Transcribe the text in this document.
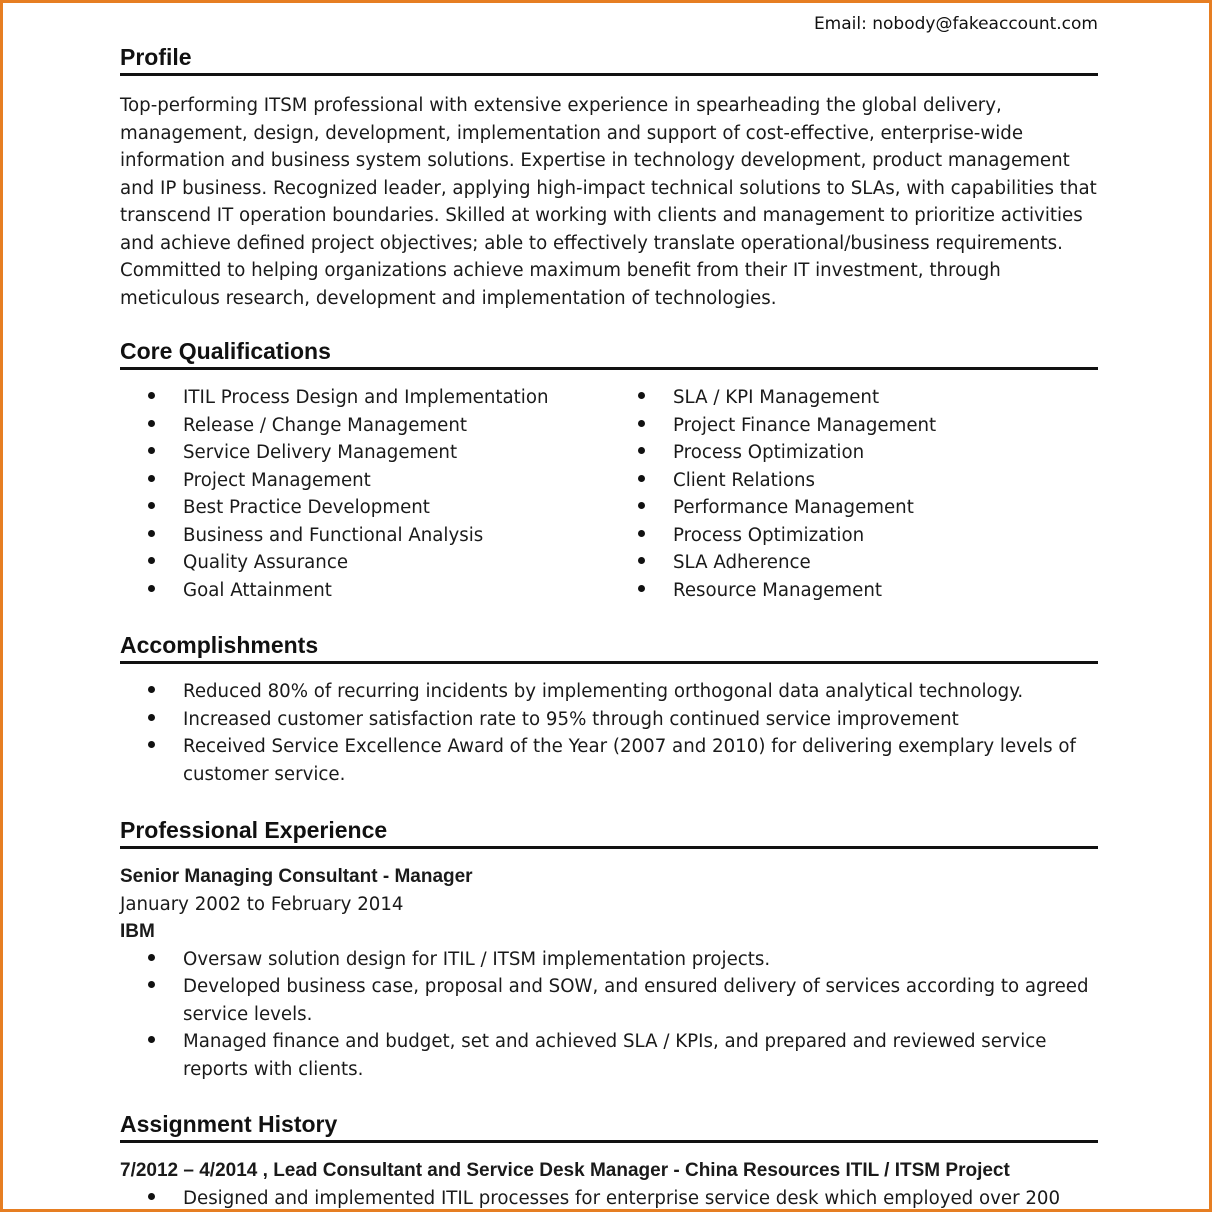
Email: nobody@fakeaccount.com
Profile
Top-performing ITSM professional with extensive experience in spearheading the global delivery, management, design, development, implementation and support of cost-effective, enterprise-wide information and business system solutions. Expertise in technology development, product management and IP business. Recognized leader, applying high-impact technical solutions to SLAs, with capabilities that transcend IT operation boundaries. Skilled at working with clients and management to prioritize activities and achieve defined project objectives; able to effectively translate operational/business requirements. Committed to helping organizations achieve maximum benefit from their IT investment, through meticulous research, development and implementation of technologies.
Core Qualifications
ITIL Process Design and Implementation
Release / Change Management
Service Delivery Management
Project Management
Best Practice Development
Business and Functional Analysis
Quality Assurance
Goal Attainment
SLA / KPI Management
Project Finance Management
Process Optimization
Client Relations
Performance Management
Process Optimization
SLA Adherence
Resource Management
Accomplishments
Reduced 80% of recurring incidents by implementing orthogonal data analytical technology.
Increased customer satisfaction rate to 95% through continued service improvement
Received Service Excellence Award of the Year (2007 and 2010) for delivering exemplary levels of customer service.
Professional Experience
Senior Managing Consultant - Manager
January 2002 to February 2014
IBM
Oversaw solution design for ITIL / ITSM implementation projects.
Developed business case, proposal and SOW, and ensured delivery of services according to agreed service levels.
Managed finance and budget, set and achieved SLA / KPIs, and prepared and reviewed service reports with clients.
Assignment History
7/2012 – 4/2014 , Lead Consultant and Service Desk Manager - China Resources ITIL / ITSM Project
Designed and implemented ITIL processes for enterprise service desk which employed over 200
